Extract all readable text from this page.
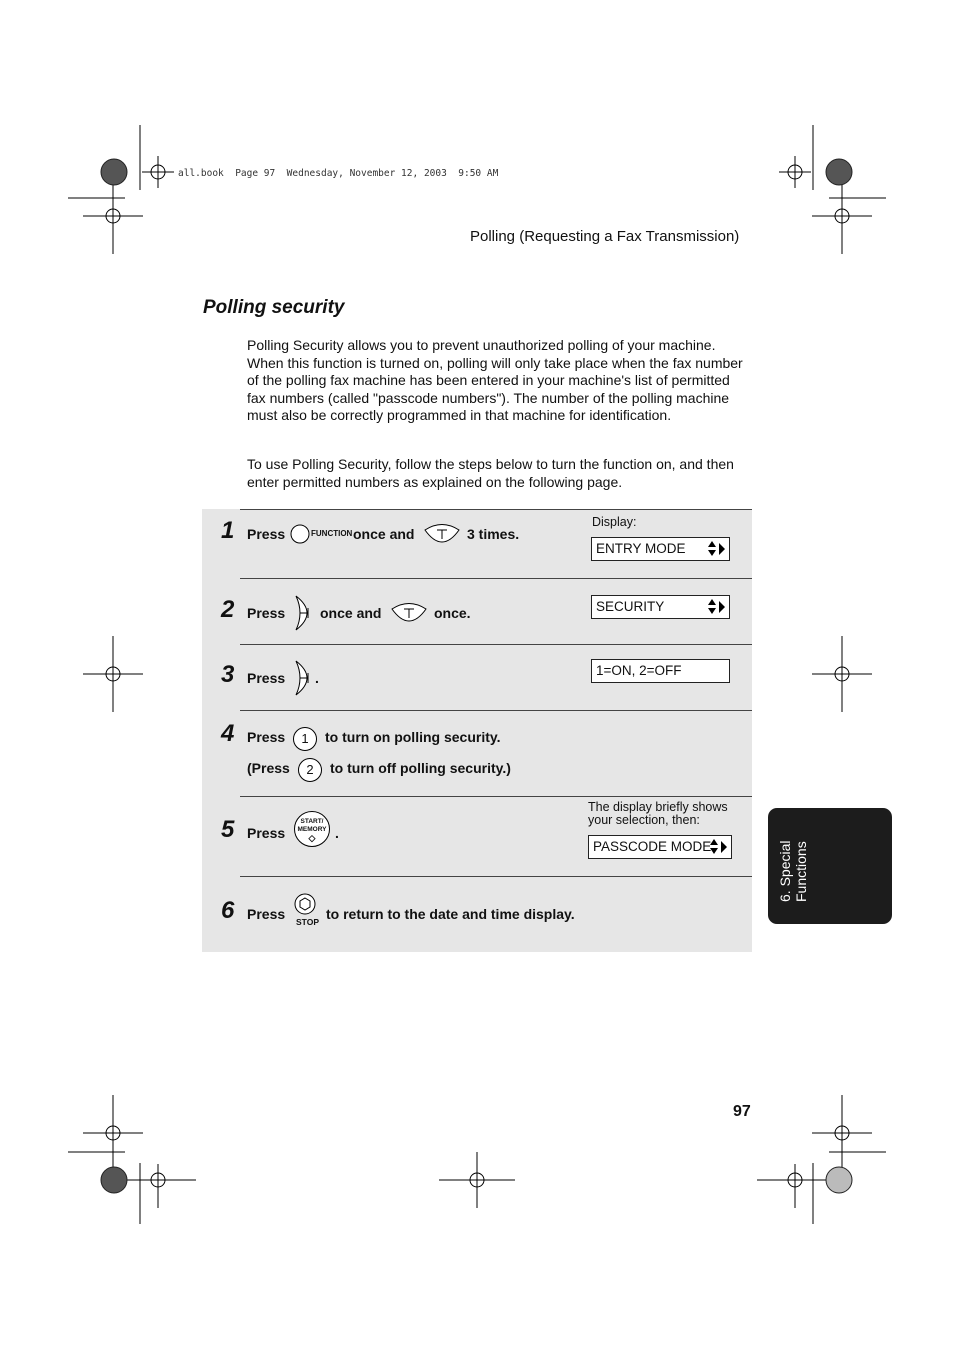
all.book  Page 97  Wednesday, November 12, 2003  9:50 AM
Polling (Requesting a Fax Transmission)
Polling security
Polling Security allows you to prevent unauthorized polling of your machine. When this function is turned on, polling will only take place when the fax number of the polling fax machine has been entered in your machine's list of permitted fax numbers (called "passcode numbers"). The number of the polling machine must also be correctly programmed in that machine for identification.
To use Polling Security, follow the steps below to turn the function on, and then enter permitted numbers as explained on the following page.
1 Press	FUNCTION once and	3 times.
Display:
ENTRY MODE
2 Press once and	once.	SECURITY
3 Press .	1=ON, 2=OFF
4 Press	1	to turn on polling security.
(Press	2	to turn off polling security.)
5 Press
START/
MEMORY
◇	.
The display briefly shows your selection, then:
PASSCODE MODE
6 Press STOP to return to the date and time display.
6. Special Functions
97
